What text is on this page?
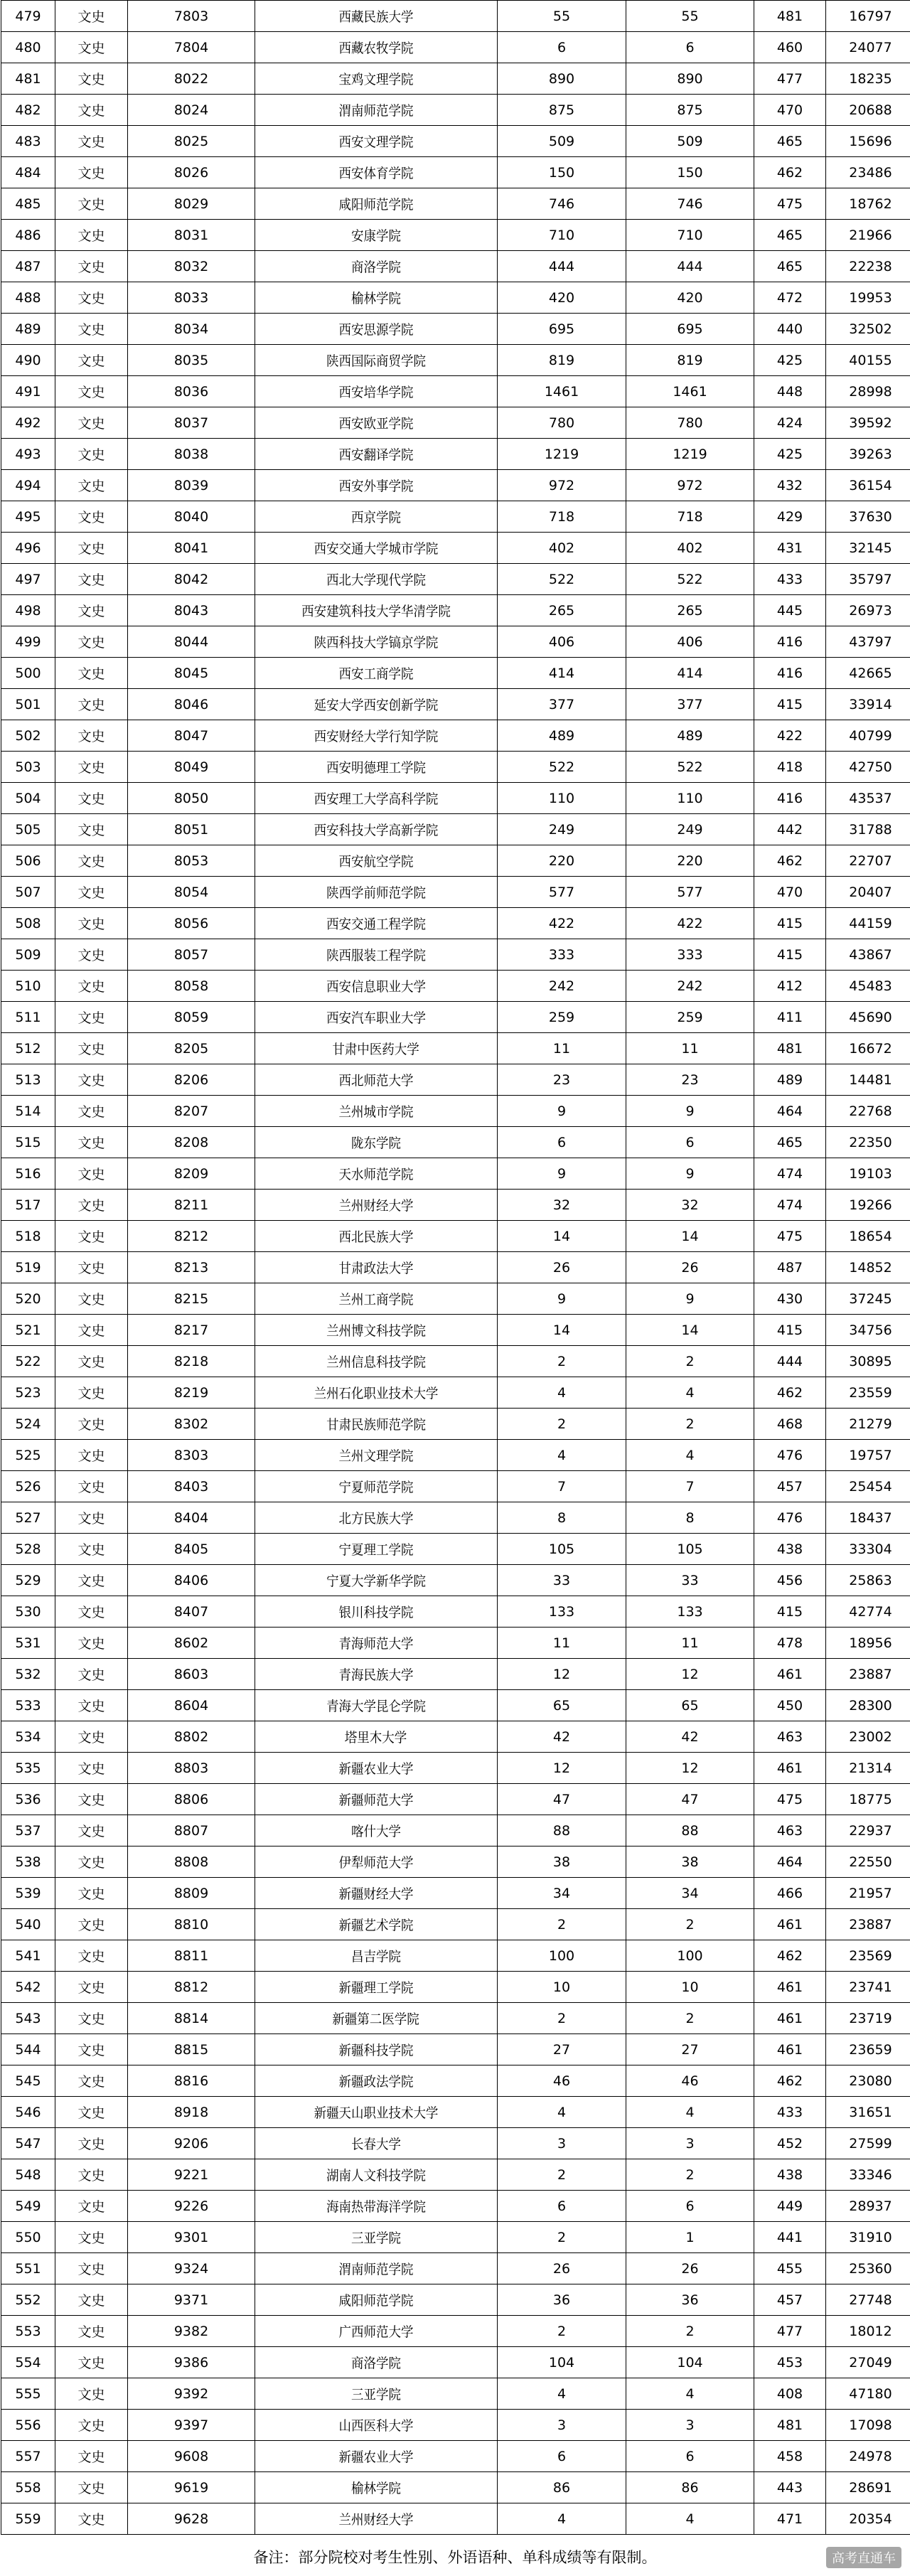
479	文史	7803	西藏民族大学	55	55	481	16797
480	文史	7804	西藏农牧学院	6	6	460	24077
481	文史	8022	宝鸡文理学院	890	890	477	18235
482	文史	8024	渭南师范学院	875	875	470	20688
483	文史	8025	西安文理学院	509	509	465	15696
484	文史	8026	西安体育学院	150	150	462	23486
485	文史	8029	咸阳师范学院	746	746	475	18762
486	文史	8031	安康学院	710	710	465	21966
487	文史	8032	商洛学院	444	444	465	22238
488	文史	8033	榆林学院	420	420	472	19953
489	文史	8034	西安思源学院	695	695	440	32502
490	文史	8035	陕西国际商贸学院	819	819	425	40155
491	文史	8036	西安培华学院	1461	1461	448	28998
492	文史	8037	西安欧亚学院	780	780	424	39592
493	文史	8038	西安翻译学院	1219	1219	425	39263
494	文史	8039	西安外事学院	972	972	432	36154
495	文史	8040	西京学院	718	718	429	37630
496	文史	8041	西安交通大学城市学院	402	402	431	32145
497	文史	8042	西北大学现代学院	522	522	433	35797
498	文史	8043	西安建筑科技大学华清学院	265	265	445	26973
499	文史	8044	陕西科技大学镐京学院	406	406	416	43797
500	文史	8045	西安工商学院	414	414	416	42665
501	文史	8046	延安大学西安创新学院	377	377	415	33914
502	文史	8047	西安财经大学行知学院	489	489	422	40799
503	文史	8049	西安明德理工学院	522	522	418	42750
504	文史	8050	西安理工大学高科学院	110	110	416	43537
505	文史	8051	西安科技大学高新学院	249	249	442	31788
506	文史	8053	西安航空学院	220	220	462	22707
507	文史	8054	陕西学前师范学院	577	577	470	20407
508	文史	8056	西安交通工程学院	422	422	415	44159
509	文史	8057	陕西服装工程学院	333	333	415	43867
510	文史	8058	西安信息职业大学	242	242	412	45483
511	文史	8059	西安汽车职业大学	259	259	411	45690
512	文史	8205	甘肃中医药大学	11	11	481	16672
513	文史	8206	西北师范大学	23	23	489	14481
514	文史	8207	兰州城市学院	9	9	464	22768
515	文史	8208	陇东学院	6	6	465	22350
516	文史	8209	天水师范学院	9	9	474	19103
517	文史	8211	兰州财经大学	32	32	474	19266
518	文史	8212	西北民族大学	14	14	475	18654
519	文史	8213	甘肃政法大学	26	26	487	14852
520	文史	8215	兰州工商学院	9	9	430	37245
521	文史	8217	兰州博文科技学院	14	14	415	34756
522	文史	8218	兰州信息科技学院	2	2	444	30895
523	文史	8219	兰州石化职业技术大学	4	4	462	23559
524	文史	8302	甘肃民族师范学院	2	2	468	21279
525	文史	8303	兰州文理学院	4	4	476	19757
526	文史	8403	宁夏师范学院	7	7	457	25454
527	文史	8404	北方民族大学	8	8	476	18437
528	文史	8405	宁夏理工学院	105	105	438	33304
529	文史	8406	宁夏大学新华学院	33	33	456	25863
530	文史	8407	银川科技学院	133	133	415	42774
531	文史	8602	青海师范大学	11	11	478	18956
532	文史	8603	青海民族大学	12	12	461	23887
533	文史	8604	青海大学昆仑学院	65	65	450	28300
534	文史	8802	塔里木大学	42	42	463	23002
535	文史	8803	新疆农业大学	12	12	461	21314
536	文史	8806	新疆师范大学	47	47	475	18775
537	文史	8807	喀什大学	88	88	463	22937
538	文史	8808	伊犁师范大学	38	38	464	22550
539	文史	8809	新疆财经大学	34	34	466	21957
540	文史	8810	新疆艺术学院	2	2	461	23887
541	文史	8811	昌吉学院	100	100	462	23569
542	文史	8812	新疆理工学院	10	10	461	23741
543	文史	8814	新疆第二医学院	2	2	461	23719
544	文史	8815	新疆科技学院	27	27	461	23659
545	文史	8816	新疆政法学院	46	46	462	23080
546	文史	8918	新疆天山职业技术大学	4	4	433	31651
547	文史	9206	长春大学	3	3	452	27599
548	文史	9221	湖南人文科技学院	2	2	438	33346
549	文史	9226	海南热带海洋学院	6	6	449	28937
550	文史	9301	三亚学院	2	1	441	31910
551	文史	9324	渭南师范学院	26	26	455	25360
552	文史	9371	咸阳师范学院	36	36	457	27748
553	文史	9382	广西师范大学	2	2	477	18012
554	文史	9386	商洛学院	104	104	453	27049
555	文史	9392	三亚学院	4	4	408	47180
556	文史	9397	山西医科大学	3	3	481	17098
557	文史	9608	新疆农业大学	6	6	458	24978
558	文史	9619	榆林学院	86	86	443	28691
559	文史	9628	兰州财经大学	4	4	471	20354
备注：部分院校对考生性别、外语语种、单科成绩等有限制。	高考直通车
